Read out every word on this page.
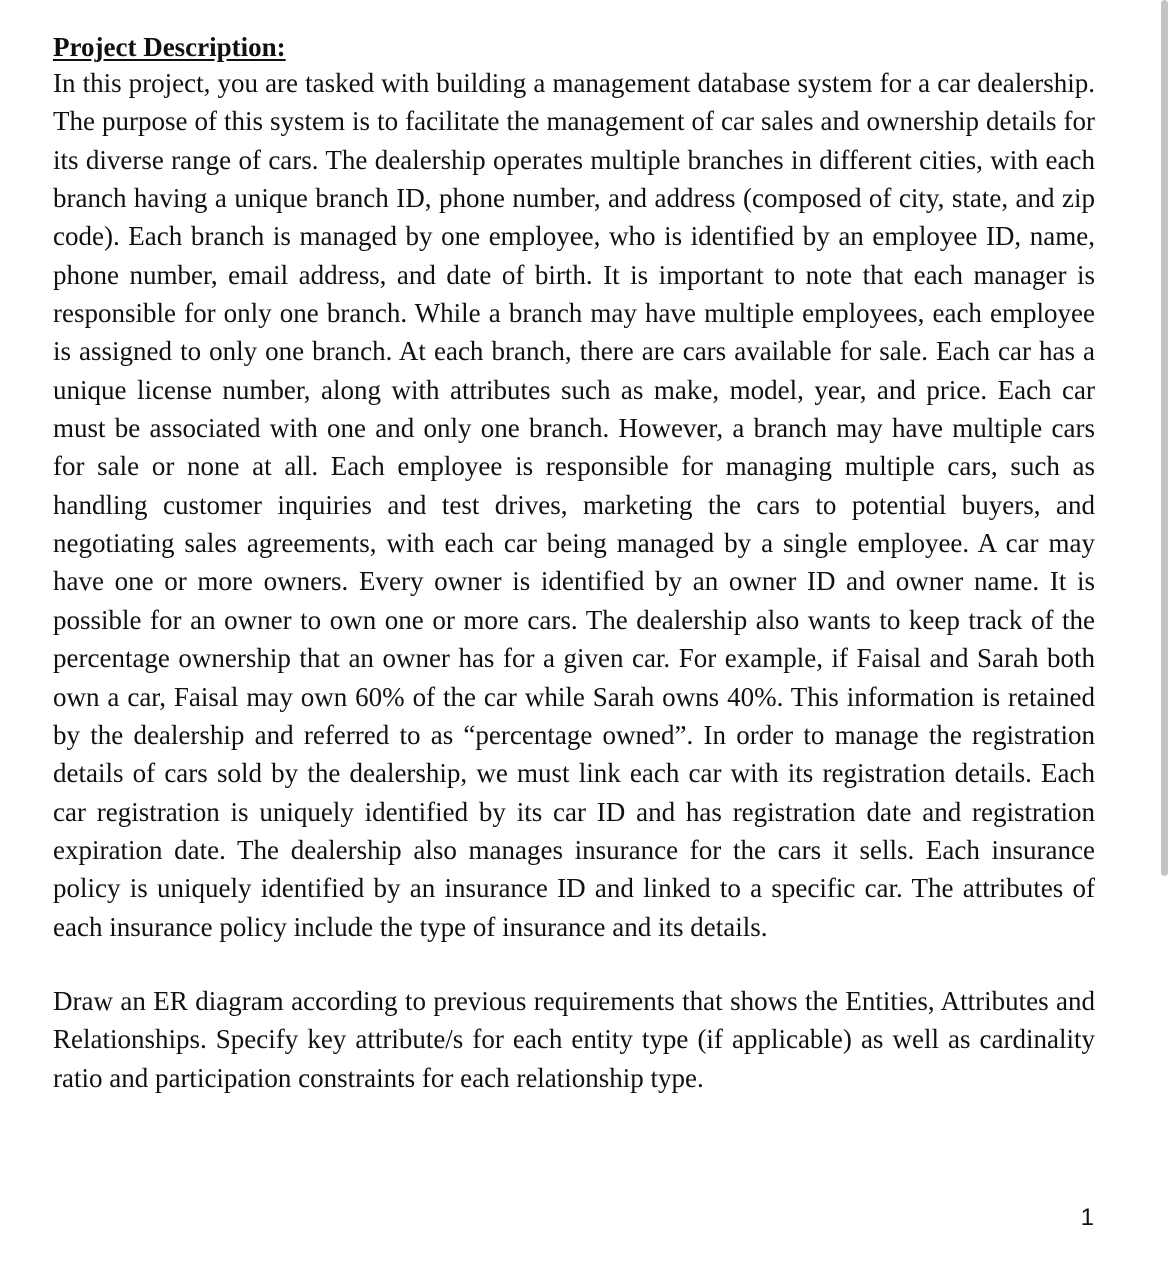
Project Description:

In this project, you are tasked with building a management database system for a car dealership. The purpose of this system is to facilitate the management of car sales and ownership details for its diverse range of cars. The dealership operates multiple branches in different cities, with each branch having a unique branch ID, phone number, and address (composed of city, state, and zip code). Each branch is managed by one employee, who is identified by an employee ID, name, phone number, email address, and date of birth. It is important to note that each manager is responsible for only one branch. While a branch may have multiple employees, each employee is assigned to only one branch. At each branch, there are cars available for sale. Each car has a unique license number, along with attributes such as make, model, year, and price. Each car must be associated with one and only one branch. However, a branch may have multiple cars for sale or none at all. Each employee is responsible for managing multiple cars, such as handling customer inquiries and test drives, marketing the cars to potential buyers, and negotiating sales agreements, with each car being managed by a single employee. A car may have one or more owners. Every owner is identified by an owner ID and owner name. It is possible for an owner to own one or more cars. The dealership also wants to keep track of the percentage ownership that an owner has for a given car. For example, if Faisal and Sarah both own a car, Faisal may own 60% of the car while Sarah owns 40%. This information is retained by the dealership and referred to as “percentage owned”. In order to manage the registration details of cars sold by the dealership, we must link each car with its registration details. Each car registration is uniquely identified by its car ID and has registration date and registration expiration date. The dealership also manages insurance for the cars it sells. Each insurance policy is uniquely identified by an insurance ID and linked to a specific car. The attributes of each insurance policy include the type of insurance and its details.

Draw an ER diagram according to previous requirements that shows the Entities, Attributes and Relationships. Specify key attribute/s for each entity type (if applicable) as well as cardinality ratio and participation constraints for each relationship type.

1
